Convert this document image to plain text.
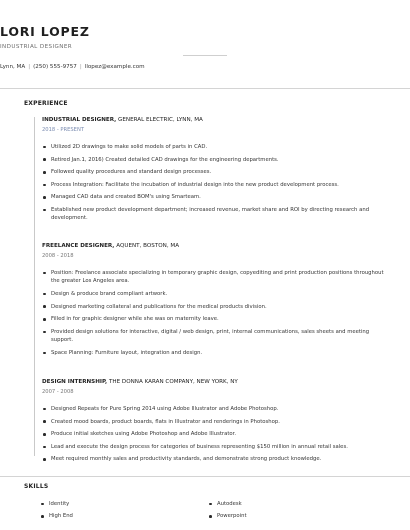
LORI LOPEZ
INDUSTRIAL DESIGNER
Lynn, MA | (250) 555-9757 | llopez@example.com
EXPERIENCE
INDUSTRIAL DESIGNER, GENERAL ELECTRIC, LYNN, MA
2018 - PRESENT
Utilized 2D drawings to make solid models of parts in CAD.
Retired Jan.1, 2016) Created detailed CAD drawings for the engineering departments.
Followed quality procedures and standard design processes.
Process Integration: Facilitate the incubation of industrial design into the new product development process.
Managed CAD data and created BOM's using Smarteam.
Established new product development department; increased revenue, market share and ROI by directing research and development.
FREELANCE DESIGNER, AQUENT, BOSTON, MA
2008 - 2018
Position: Freelance associate specializing in temporary graphic design, copyediting and print production positions throughout the greater Los Angeles area.
Design & produce brand compliant artwork.
Designed marketing collateral and publications for the medical products division.
Filled in for graphic designer while she was on maternity leave.
Provided design solutions for interactive, digital / web design, print, internal communications, sales sheets and meeting support.
Space Planning: Furniture layout, integration and design.
DESIGN INTERNSHIP, THE DONNA KARAN COMPANY, NEW YORK, NY
2007 - 2008
Designed Repeats for Pure Spring 2014 using Adobe Illustrator and Adobe Photoshop.
Created mood boards, product boards, flats in Illustrator and renderings in Photoshop.
Produce initial sketches using Adobe Photoshop and Adobe Illustrator.
Lead and execute the design process for categories of business representing $150 million in annual retail sales.
Meet required monthly sales and productivity standards, and demonstrate strong product knowledge.
SKILLS
Identity
High End
Autodesk
Powerpoint
